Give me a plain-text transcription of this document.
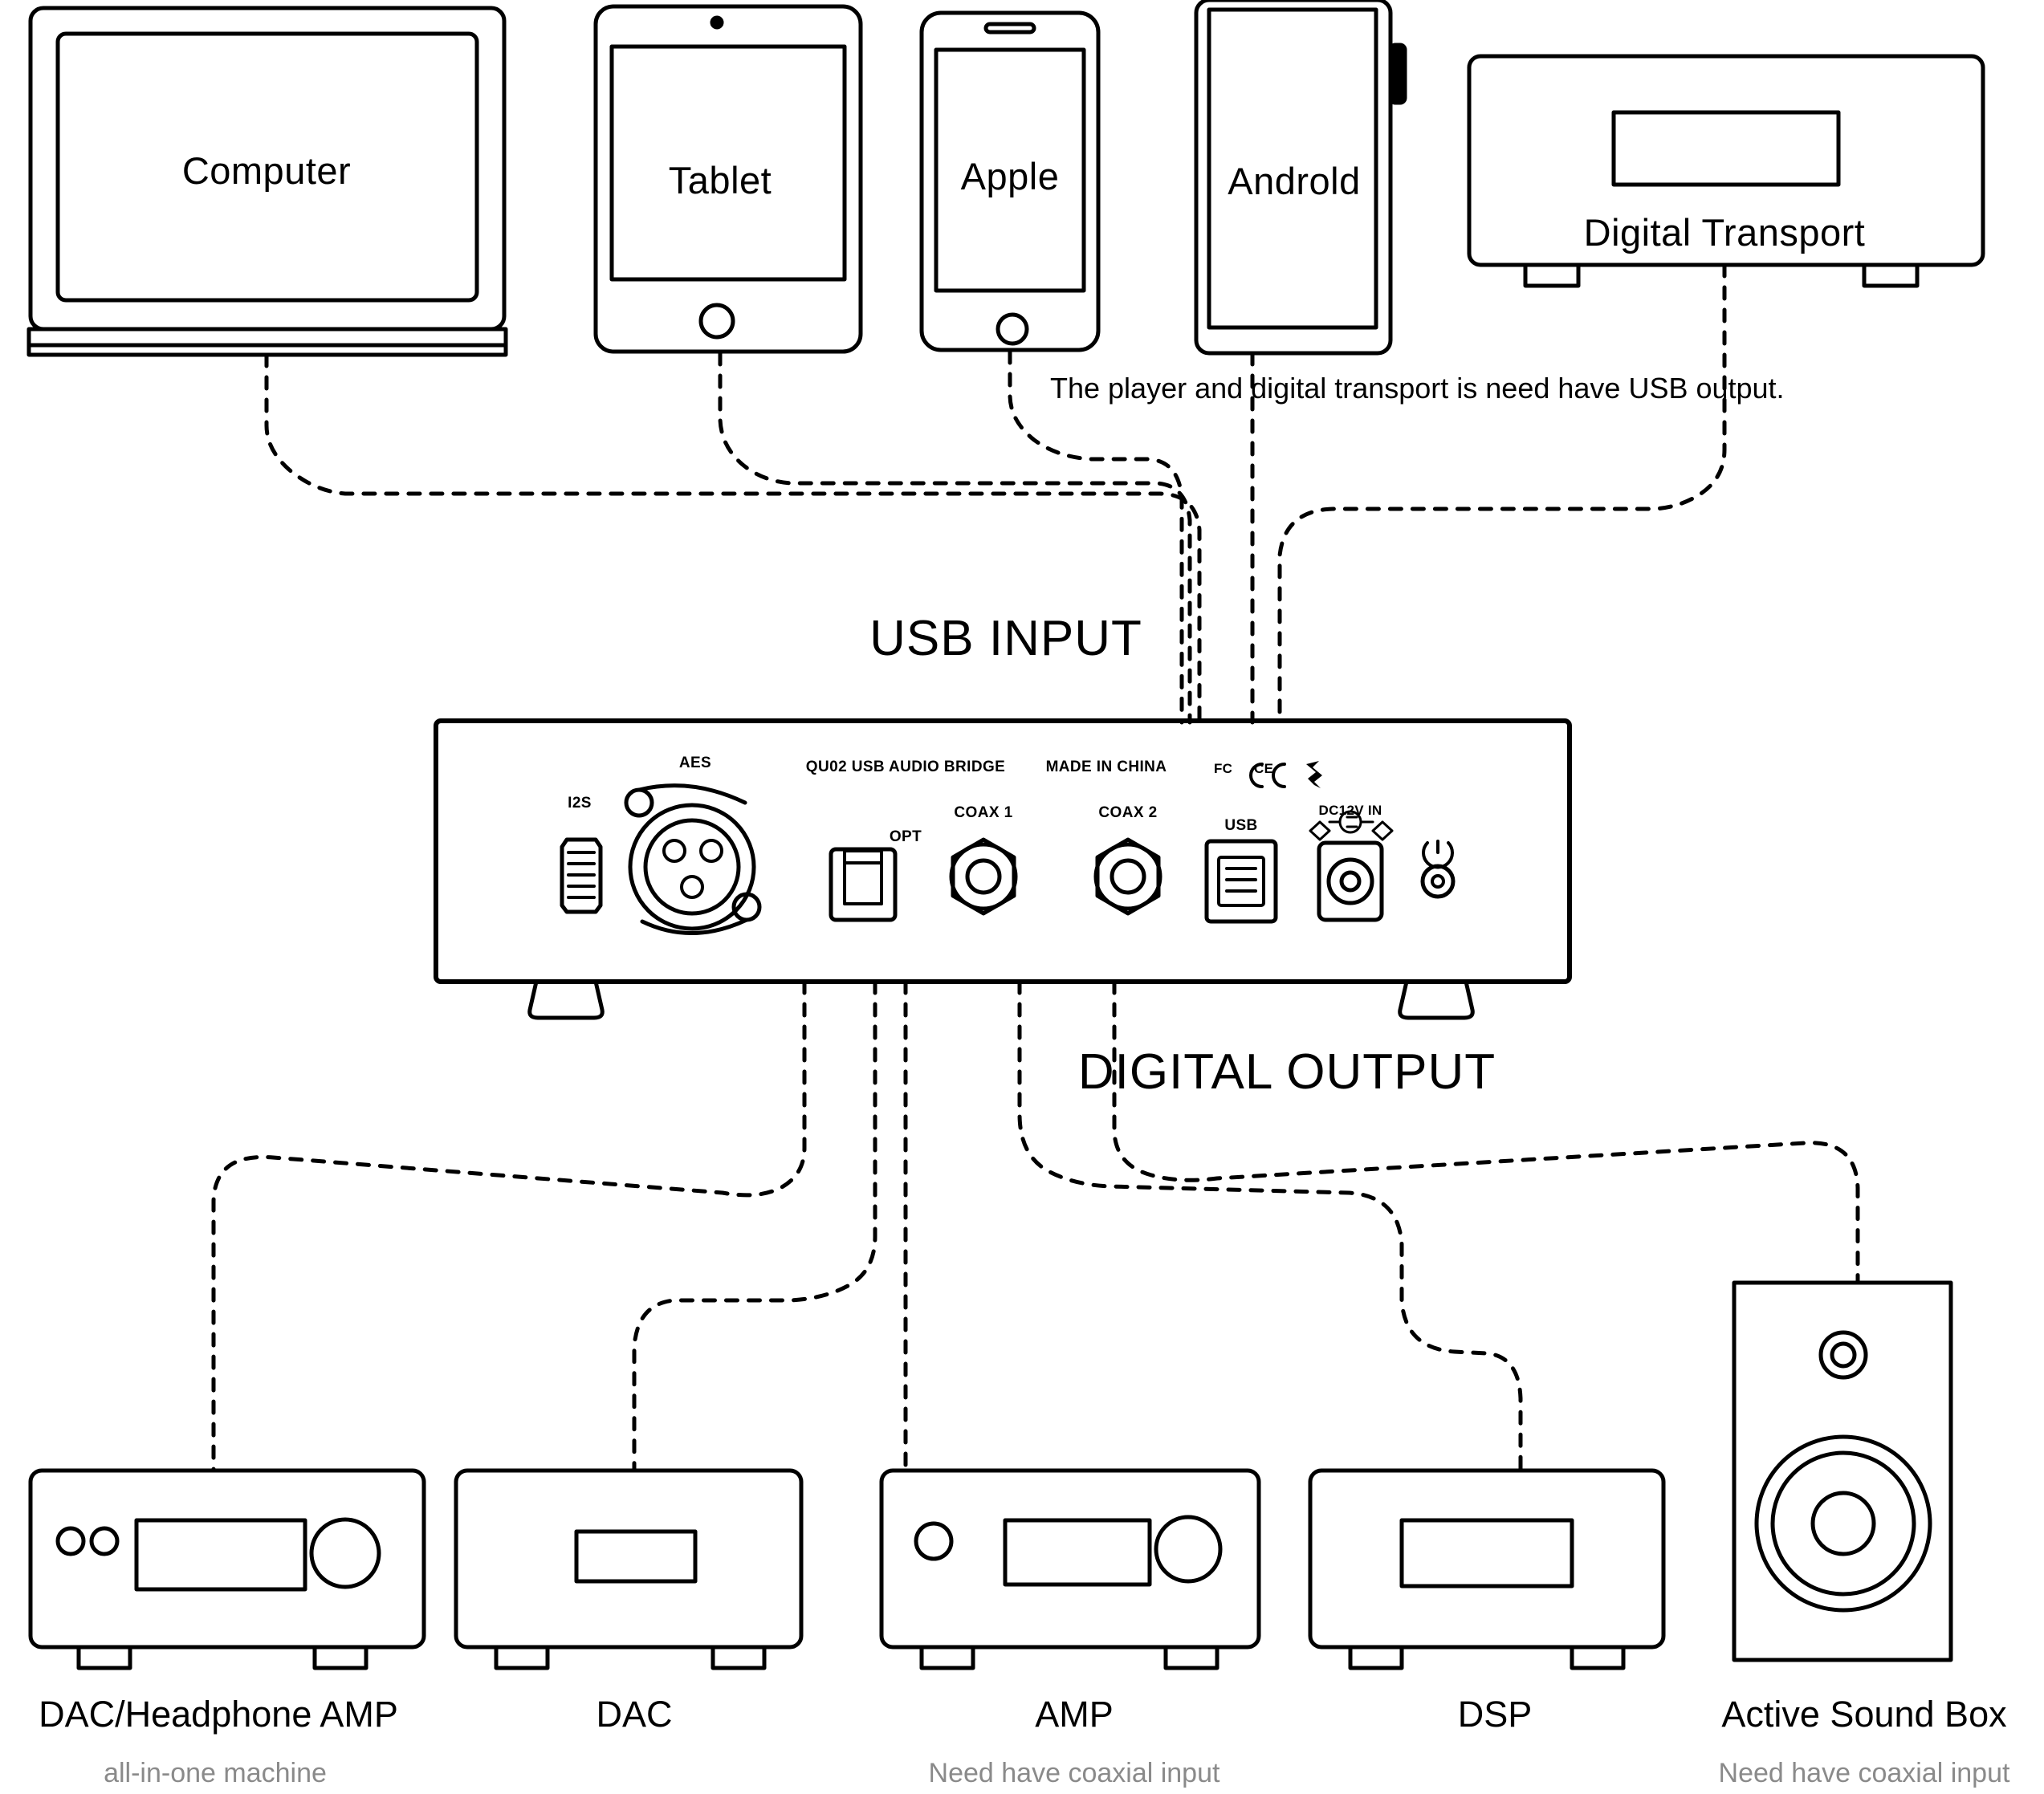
Computer	Tablet	Apple	Androld
Digital Transport
The player and digital transport is need have USB output.
USB INPUT
DIGITAL OUTPUT
AES
I2S
OPT
COAX 1	COAX 2
USB
DC12V IN
QU02 USB AUDIO BRIDGE	MADE IN CHINA	FC CE
DAC/Headphone AMP	DAC	AMP	DSP	Active Sound Box
all-in-one machine	Need have coaxial input	Need have coaxial input
